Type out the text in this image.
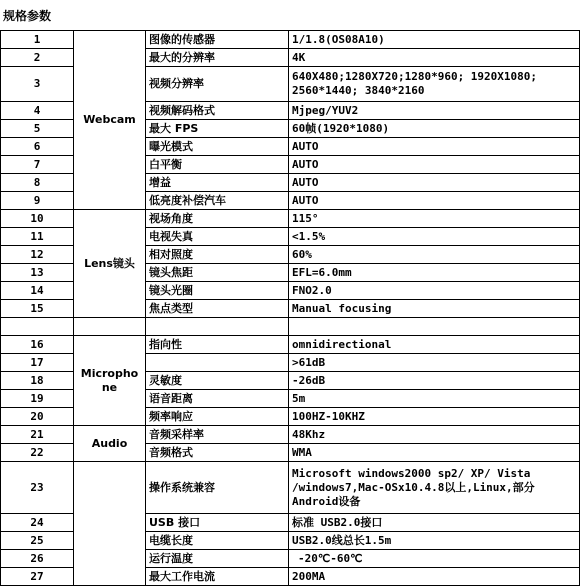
规格参数
1	Webcam	图像的传感器	1/1.8(OS08A10)
2		最大的分辨率	4K
3		视频分辨率	640X480;1280X720;1280*960; 1920X1080; 2560*1440; 3840*2160
4		视频解码格式	Mjpeg/YUV2
5		最大 FPS	60帧(1920*1080)
6		曝光模式	AUTO
7		白平衡	AUTO
8		增益	AUTO
9		低亮度补偿汽车	AUTO
10	Lens镜头	视场角度	115°
11		电视失真	<1.5%
12		相对照度	60%
13		镜头焦距	EFL=6.0mm
14		镜头光圈	FNO2.0
15		焦点类型	Manual focusing

16	Micropho ne	指向性	omnidirectional
17			>61dB
18		灵敏度	-26dB
19		语音距离	5m
20		频率响应	100HZ-10KHZ
21	Audio	音频采样率	48Khz
22		音频格式	WMA
23		操作系统兼容	Microsoft windows2000 sp2/ XP/ Vista /windows7,Mac-OSx10.4.8以上,Linux,部分Android设备
24		USB 接口	标准 USB2.0接口
25		电缆长度	USB2.0线总长1.5m
26		运行温度	-20℃-60℃
27		最大工作电流	200MA
